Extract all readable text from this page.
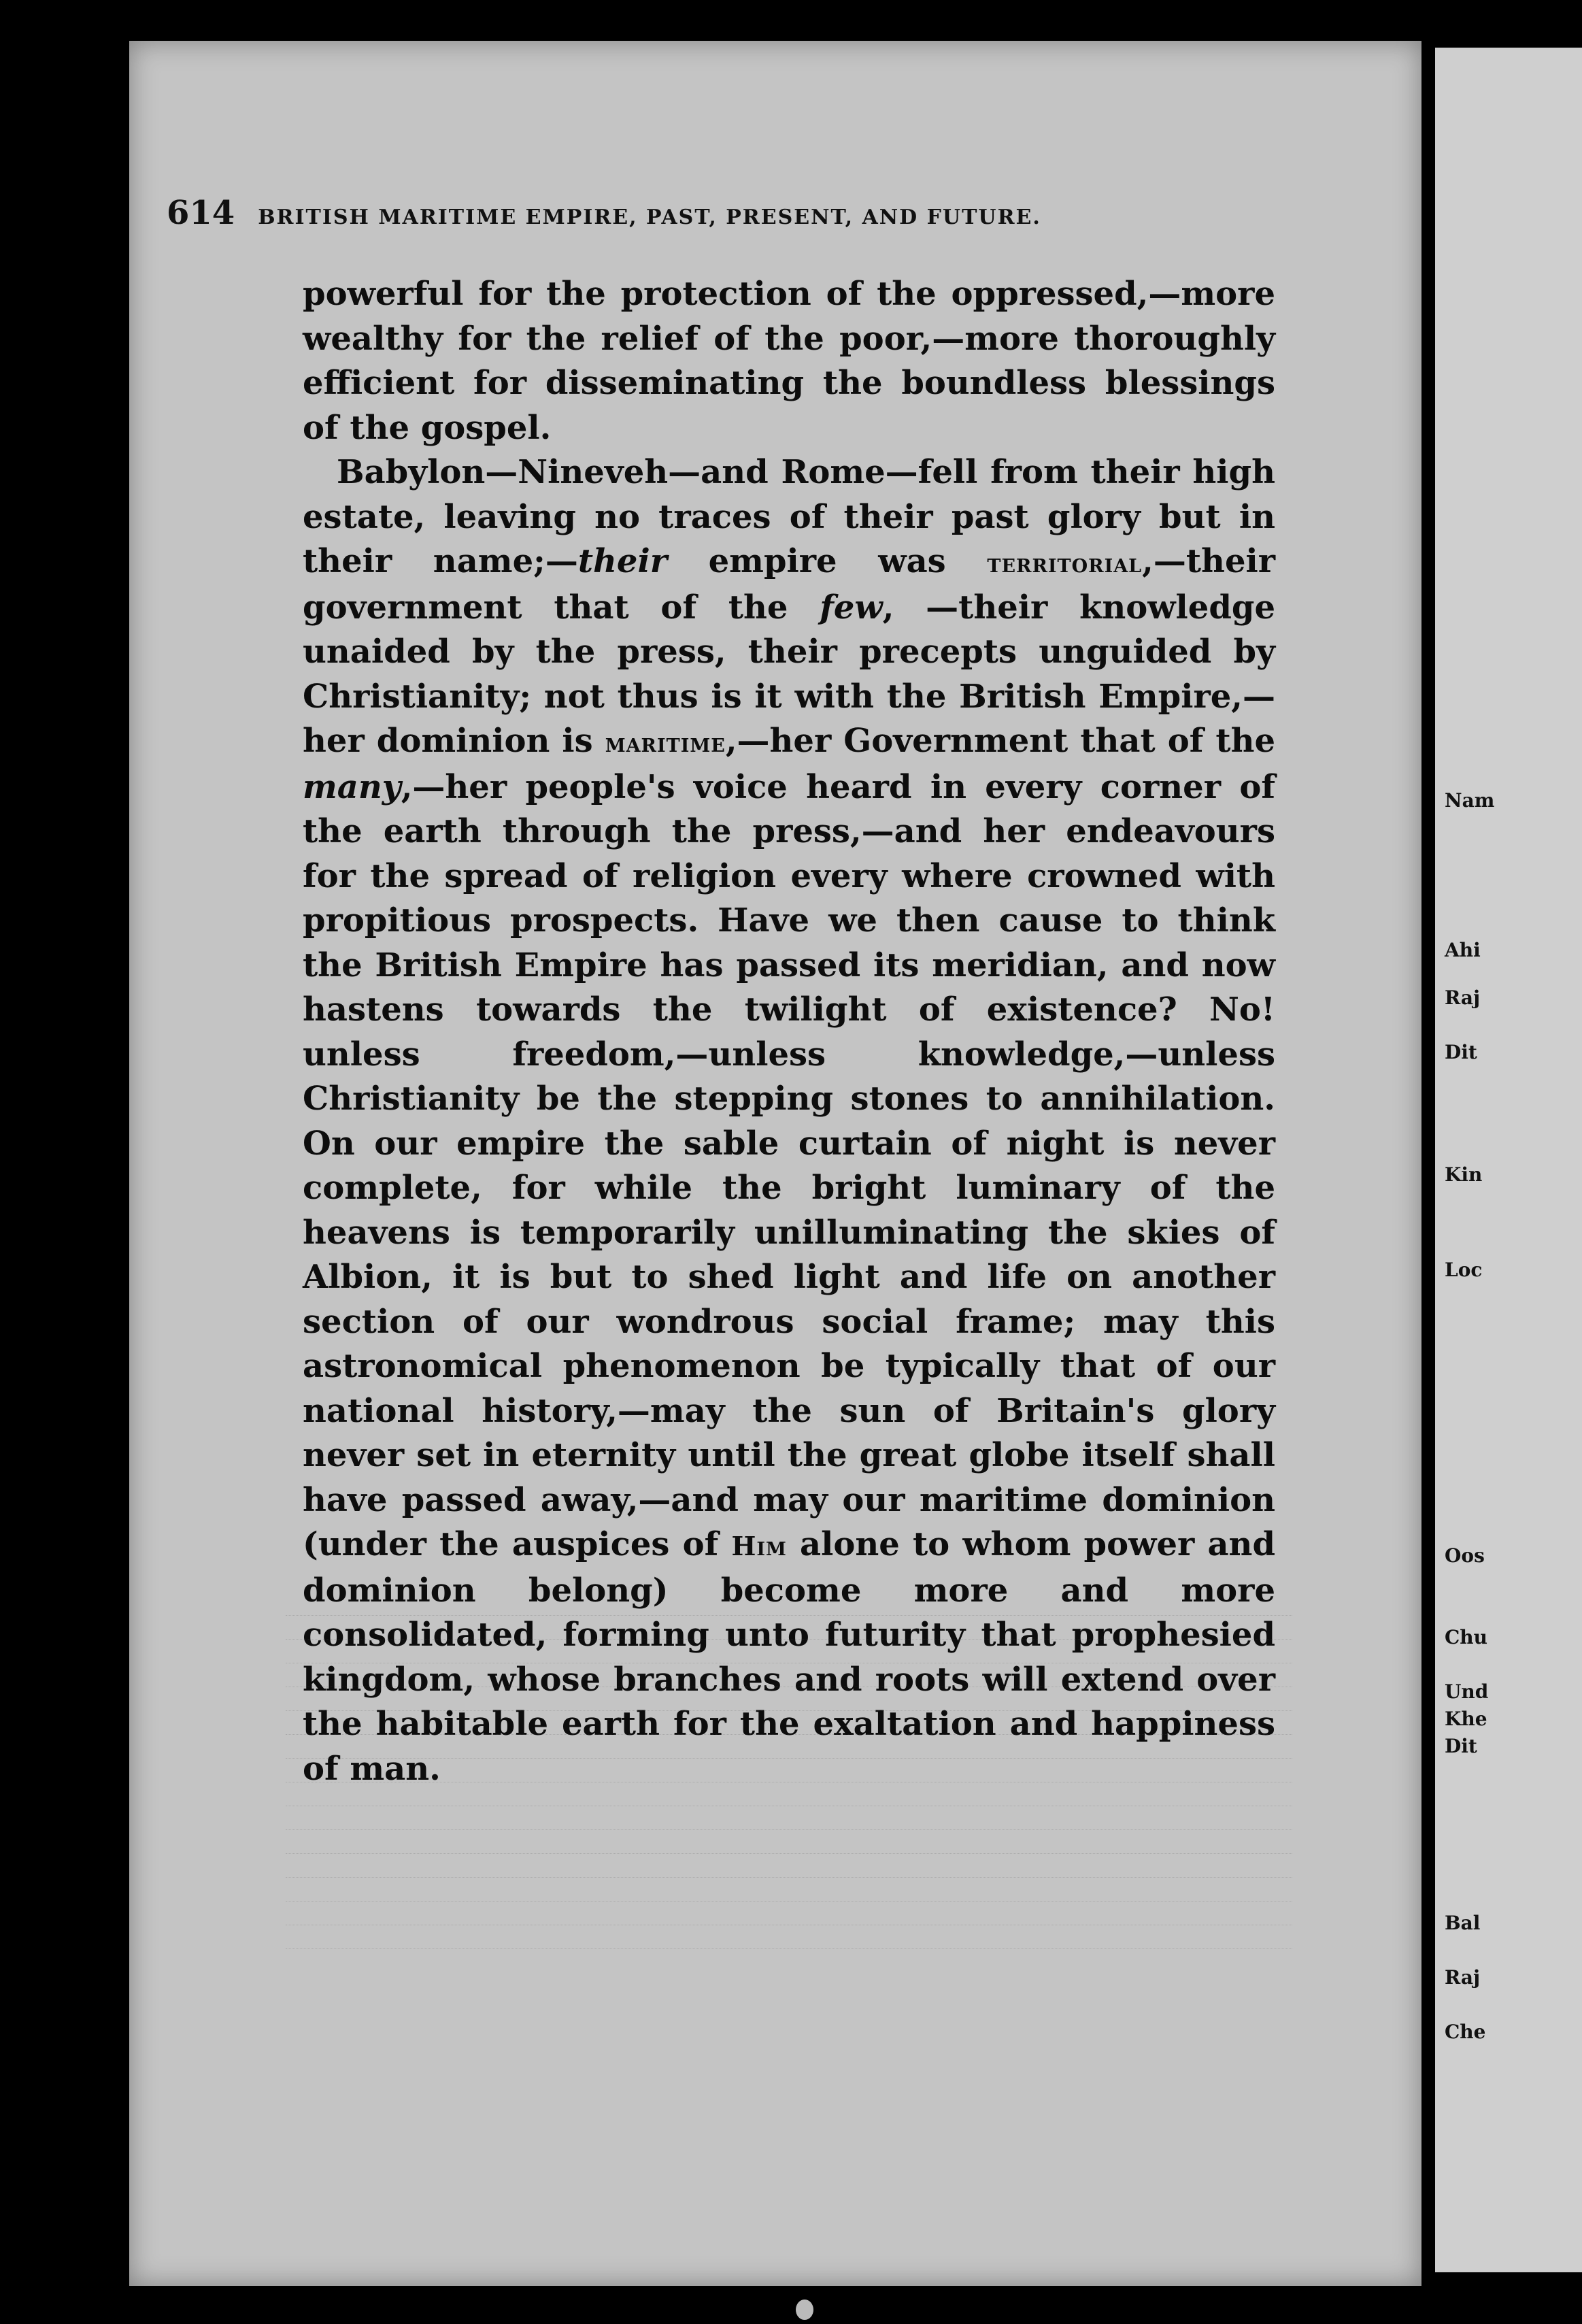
Nam
Ahi
Raj
Dit
Kin
Loc
Oos
Chu
Und
Khe
Dit
Bal
Raj
Che
614 BRITISH MARITIME EMPIRE, PAST, PRESENT, AND FUTURE.

powerful for the protection of the oppressed,—more wealthy for the relief of the poor,—more thoroughly efficient for disseminating the boundless blessings of the gospel.

Babylon—Nineveh—and Rome—fell from their high estate, leaving no traces of their past glory but in their name;—their empire was territorial,—their government that of the few, —their knowledge unaided by the press, their precepts unguided by Christianity; not thus is it with the British Empire,—her dominion is maritime,—her Government that of the many,—her people's voice heard in every corner of the earth through the press,—and her endeavours for the spread of religion every where crowned with propitious prospects. Have we then cause to think the British Empire has passed its meridian, and now hastens towards the twilight of existence? No! unless freedom,—unless knowledge,—unless Christianity be the stepping stones to annihilation. On our empire the sable curtain of night is never complete, for while the bright luminary of the heavens is temporarily unilluminating the skies of Albion, it is but to shed light and life on another section of our wondrous social frame; may this astronomical phenomenon be typically that of our national history,—may the sun of Britain's glory never set in eternity until the great globe itself shall have passed away,—and may our maritime dominion (under the auspices of Him alone to whom power and dominion belong) become more and more consolidated, forming unto futurity that prophesied kingdom, whose branches and roots will extend over the habitable earth for the exaltation and happiness of man.
